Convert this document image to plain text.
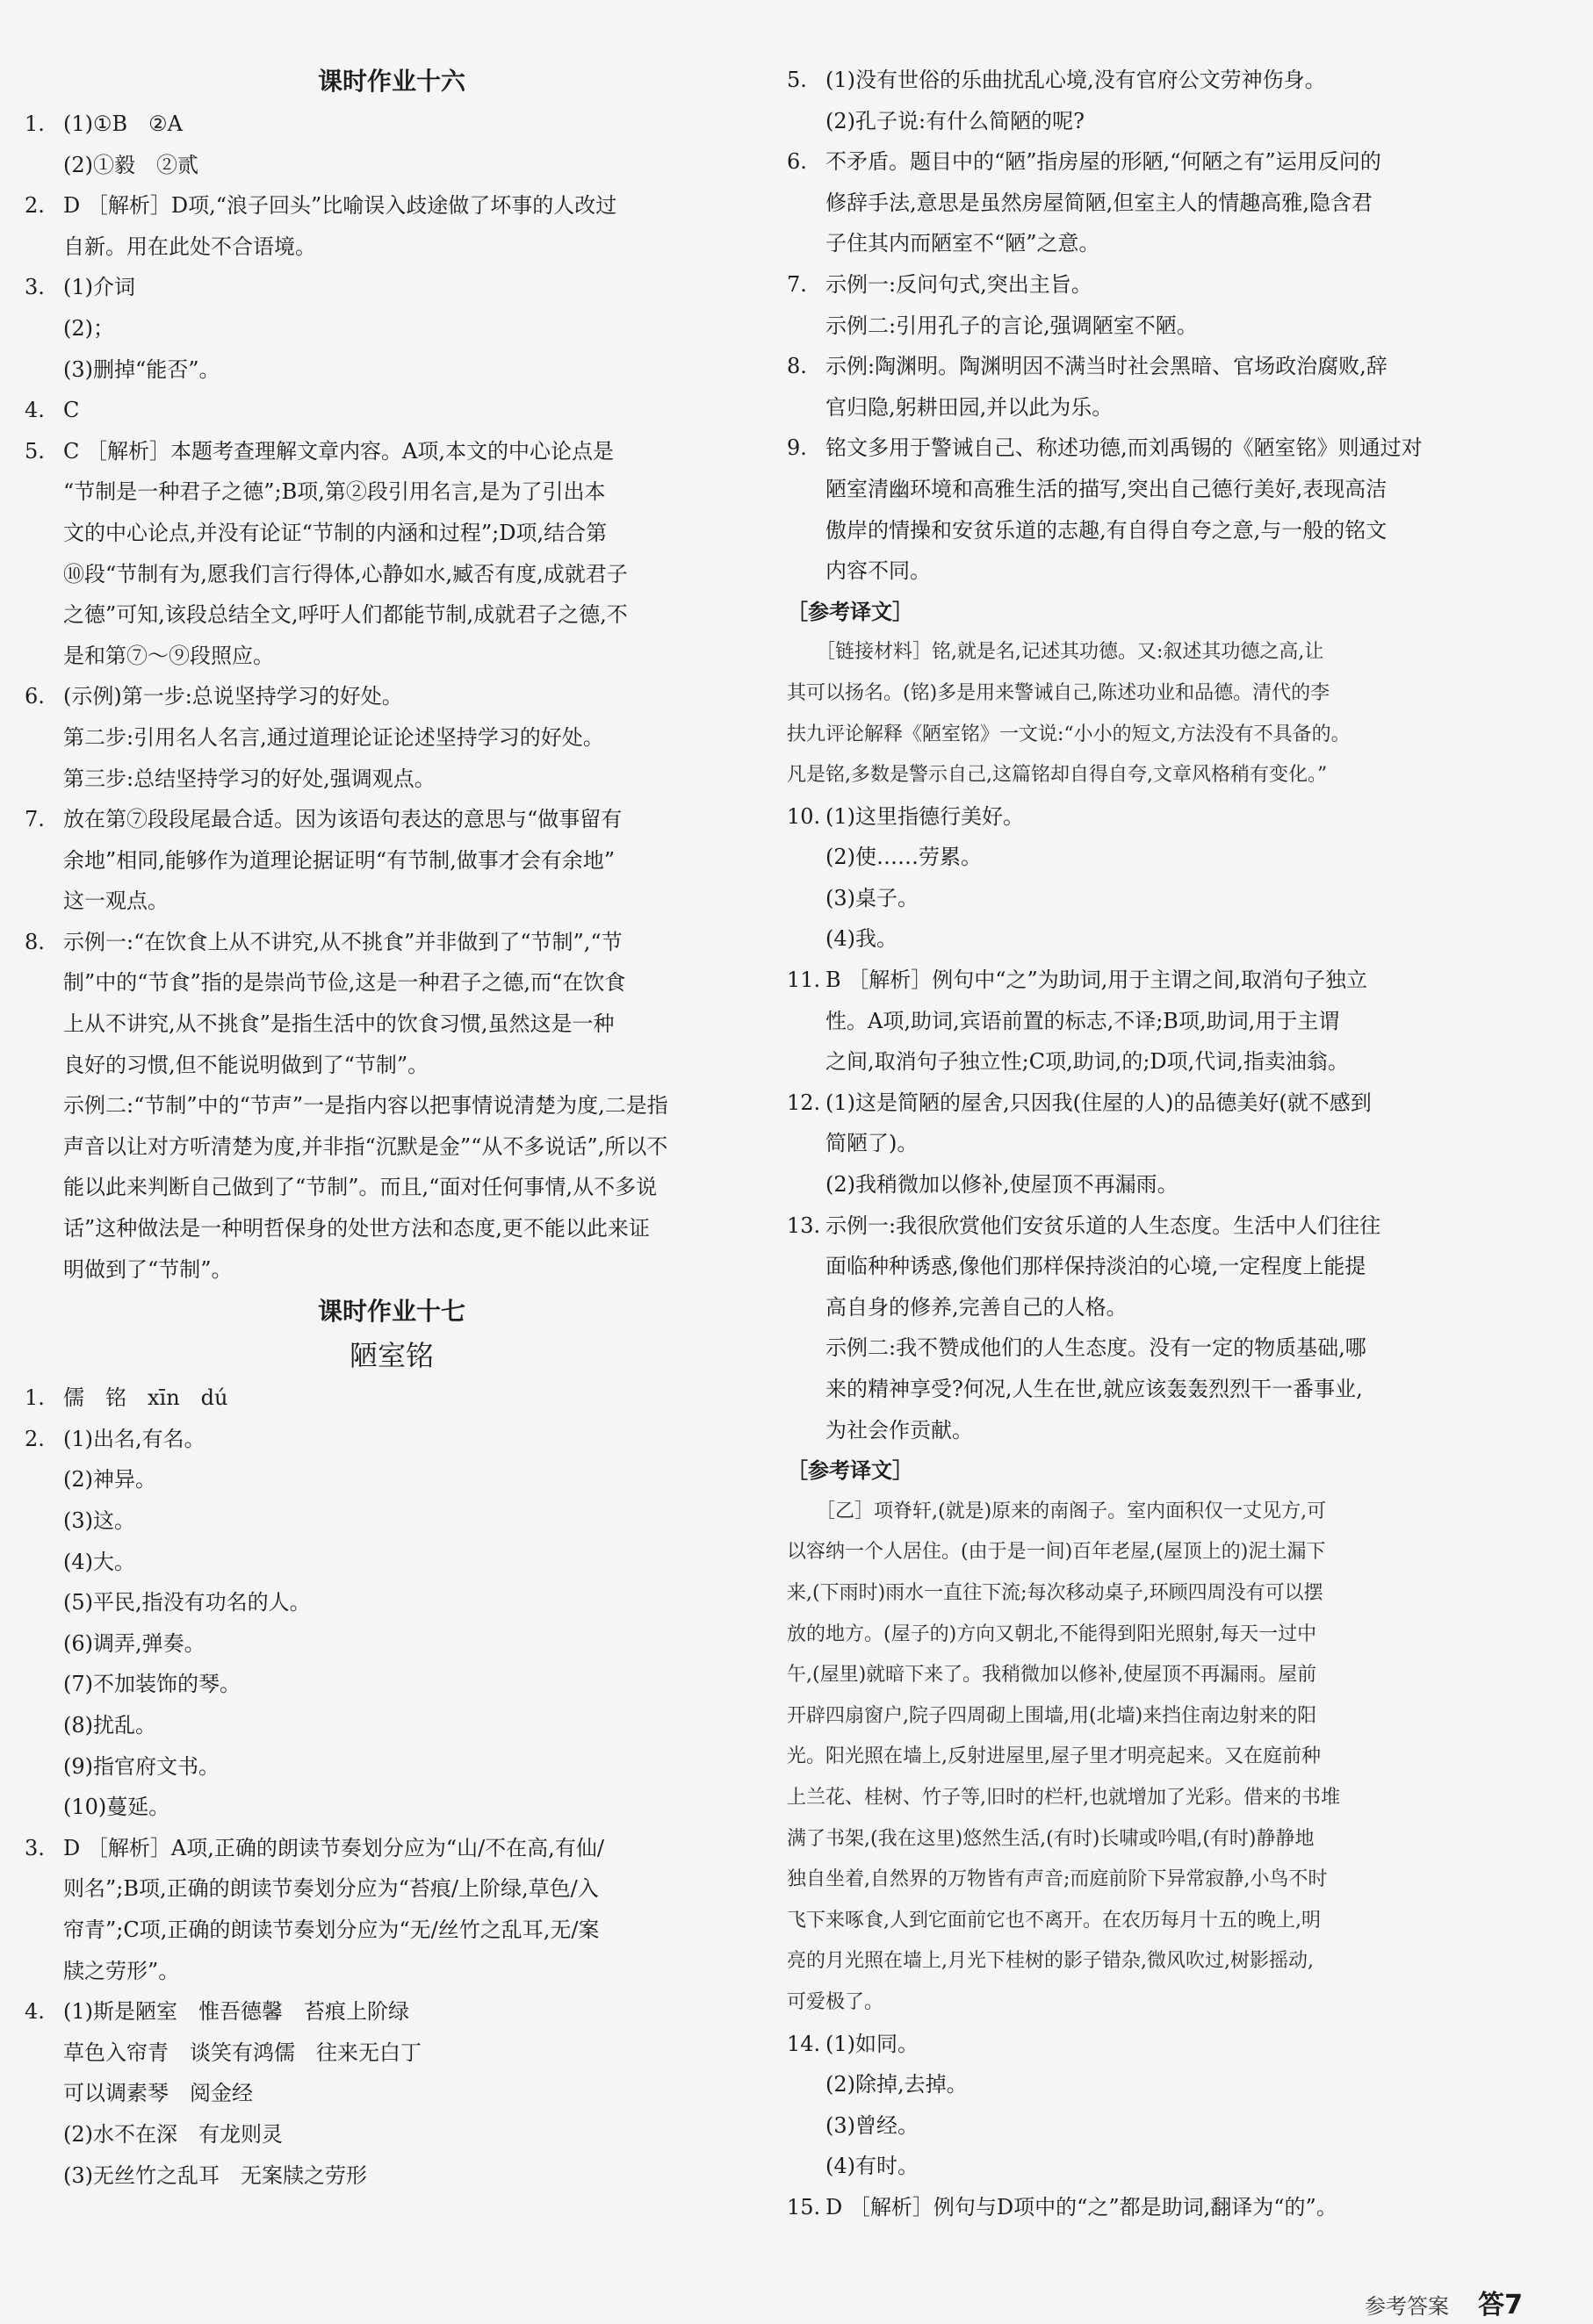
课时作业十六
1. (1)①B　②A
(2)①毅　②贰
2. D ［解析］D项,“浪子回头”比喻误入歧途做了坏事的人改过
自新。用在此处不合语境。
3. (1)介词
(2)；
(3)删掉“能否”。
4. C
5. C ［解析］本题考查理解文章内容。A项,本文的中心论点是
“节制是一种君子之德”;B项,第②段引用名言,是为了引出本
文的中心论点,并没有论证“节制的内涵和过程”;D项,结合第
⑩段“节制有为,愿我们言行得体,心静如水,臧否有度,成就君子
之德”可知,该段总结全文,呼吁人们都能节制,成就君子之德,不
是和第⑦～⑨段照应。
6. (示例)第一步:总说坚持学习的好处。
第二步:引用名人名言,通过道理论证论述坚持学习的好处。
第三步:总结坚持学习的好处,强调观点。
7. 放在第⑦段段尾最合适。因为该语句表达的意思与“做事留有
余地”相同,能够作为道理论据证明“有节制,做事才会有余地”
这一观点。
8. 示例一:“在饮食上从不讲究,从不挑食”并非做到了“节制”,“节
制”中的“节食”指的是崇尚节俭,这是一种君子之德,而“在饮食
上从不讲究,从不挑食”是指生活中的饮食习惯,虽然这是一种
良好的习惯,但不能说明做到了“节制”。
示例二:“节制”中的“节声”一是指内容以把事情说清楚为度,二是指
声音以让对方听清楚为度,并非指“沉默是金”“从不多说话”,所以不
能以此来判断自己做到了“节制”。而且,“面对任何事情,从不多说
话”这种做法是一种明哲保身的处世方法和态度,更不能以此来证
明做到了“节制”。
课时作业十七
陋室铭
1. 儒　铭　xīn　dú
2. (1)出名,有名。
(2)神异。
(3)这。
(4)大。
(5)平民,指没有功名的人。
(6)调弄,弹奏。
(7)不加装饰的琴。
(8)扰乱。
(9)指官府文书。
(10)蔓延。
3. D ［解析］A项,正确的朗读节奏划分应为“山/不在高,有仙/
则名”;B项,正确的朗读节奏划分应为“苔痕/上阶绿,草色/入
帘青”;C项,正确的朗读节奏划分应为“无/丝竹之乱耳,无/案
牍之劳形”。
4. (1)斯是陋室　惟吾德馨　苔痕上阶绿
草色入帘青　谈笑有鸿儒　往来无白丁
可以调素琴　阅金经
(2)水不在深　有龙则灵
(3)无丝竹之乱耳　无案牍之劳形
5. (1)没有世俗的乐曲扰乱心境,没有官府公文劳神伤身。
(2)孔子说:有什么简陋的呢?
6. 不矛盾。题目中的“陋”指房屋的形陋,“何陋之有”运用反问的
修辞手法,意思是虽然房屋简陋,但室主人的情趣高雅,隐含君
子住其内而陋室不“陋”之意。
7. 示例一:反问句式,突出主旨。
示例二:引用孔子的言论,强调陋室不陋。
8. 示例:陶渊明。陶渊明因不满当时社会黑暗、官场政治腐败,辞
官归隐,躬耕田园,并以此为乐。
9. 铭文多用于警诫自己、称述功德,而刘禹锡的《陋室铭》则通过对
陋室清幽环境和高雅生活的描写,突出自己德行美好,表现高洁
傲岸的情操和安贫乐道的志趣,有自得自夸之意,与一般的铭文
内容不同。
［参考译文］
　　［链接材料］铭,就是名,记述其功德。又:叙述其功德之高,让
其可以扬名。(铭)多是用来警诫自己,陈述功业和品德。清代的李
扶九评论解释《陋室铭》一文说:“小小的短文,方法没有不具备的。
凡是铭,多数是警示自己,这篇铭却自得自夸,文章风格稍有变化。”
10. (1)这里指德行美好。
(2)使……劳累。
(3)桌子。
(4)我。
11. B ［解析］例句中“之”为助词,用于主谓之间,取消句子独立
性。A项,助词,宾语前置的标志,不译;B项,助词,用于主谓
之间,取消句子独立性;C项,助词,的;D项,代词,指卖油翁。
12. (1)这是简陋的屋舍,只因我(住屋的人)的品德美好(就不感到
简陋了)。
(2)我稍微加以修补,使屋顶不再漏雨。
13. 示例一:我很欣赏他们安贫乐道的人生态度。生活中人们往往
面临种种诱惑,像他们那样保持淡泊的心境,一定程度上能提
高自身的修养,完善自己的人格。
示例二:我不赞成他们的人生态度。没有一定的物质基础,哪
来的精神享受?何况,人生在世,就应该轰轰烈烈干一番事业,
为社会作贡献。
［参考译文］
　　［乙］项脊轩,(就是)原来的南阁子。室内面积仅一丈见方,可
以容纳一个人居住。(由于是一间)百年老屋,(屋顶上的)泥土漏下
来,(下雨时)雨水一直往下流;每次移动桌子,环顾四周没有可以摆
放的地方。(屋子的)方向又朝北,不能得到阳光照射,每天一过中
午,(屋里)就暗下来了。我稍微加以修补,使屋顶不再漏雨。屋前
开辟四扇窗户,院子四周砌上围墙,用(北墙)来挡住南边射来的阳
光。阳光照在墙上,反射进屋里,屋子里才明亮起来。又在庭前种
上兰花、桂树、竹子等,旧时的栏杆,也就增加了光彩。借来的书堆
满了书架,(我在这里)悠然生活,(有时)长啸或吟唱,(有时)静静地
独自坐着,自然界的万物皆有声音;而庭前阶下异常寂静,小鸟不时
飞下来啄食,人到它面前它也不离开。在农历每月十五的晚上,明
亮的月光照在墙上,月光下桂树的影子错杂,微风吹过,树影摇动,
可爱极了。
14. (1)如同。
(2)除掉,去掉。
(3)曾经。
(4)有时。
15. D ［解析］例句与D项中的“之”都是助词,翻译为“的”。
参考答案 答7
